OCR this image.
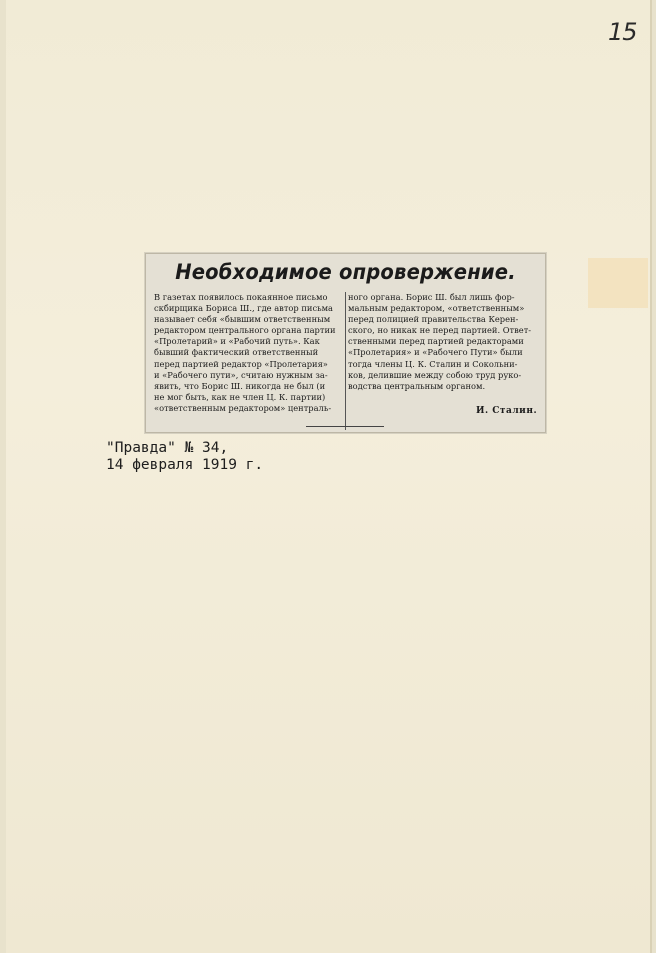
15
Необходимое опровержение.
В газетах появилось покаянное письмо
скбирщика Бориса Ш., где автор письма
называет себя «бывшим ответственным
редактором центрального органа партии
«Пролетарий» и «Рабочий путь». Как
бывший фактический ответственный
перед партией редактор «Пролетария»
и «Рабочего пути», считаю нужным за-
явить, что Борис Ш. никогда не был (и
не мог быть, как не член Ц. К. партии)
«ответственным редактором» централь-
ного органа. Борис Ш. был лишь фор-
мальным редактором, «ответственным»
перед полицией правительства Керен-
ского, но никак не перед партией. Ответ-
ственными перед партией редакторами
«Пролетария» и «Рабочего Пути» были
тогда члены Ц. К. Сталин и Сокольни-
ков, делившие между собою труд руко-
водства центральным органом.
И. Сталин.
"Правда" № 34,
14 февраля 1919 г.
